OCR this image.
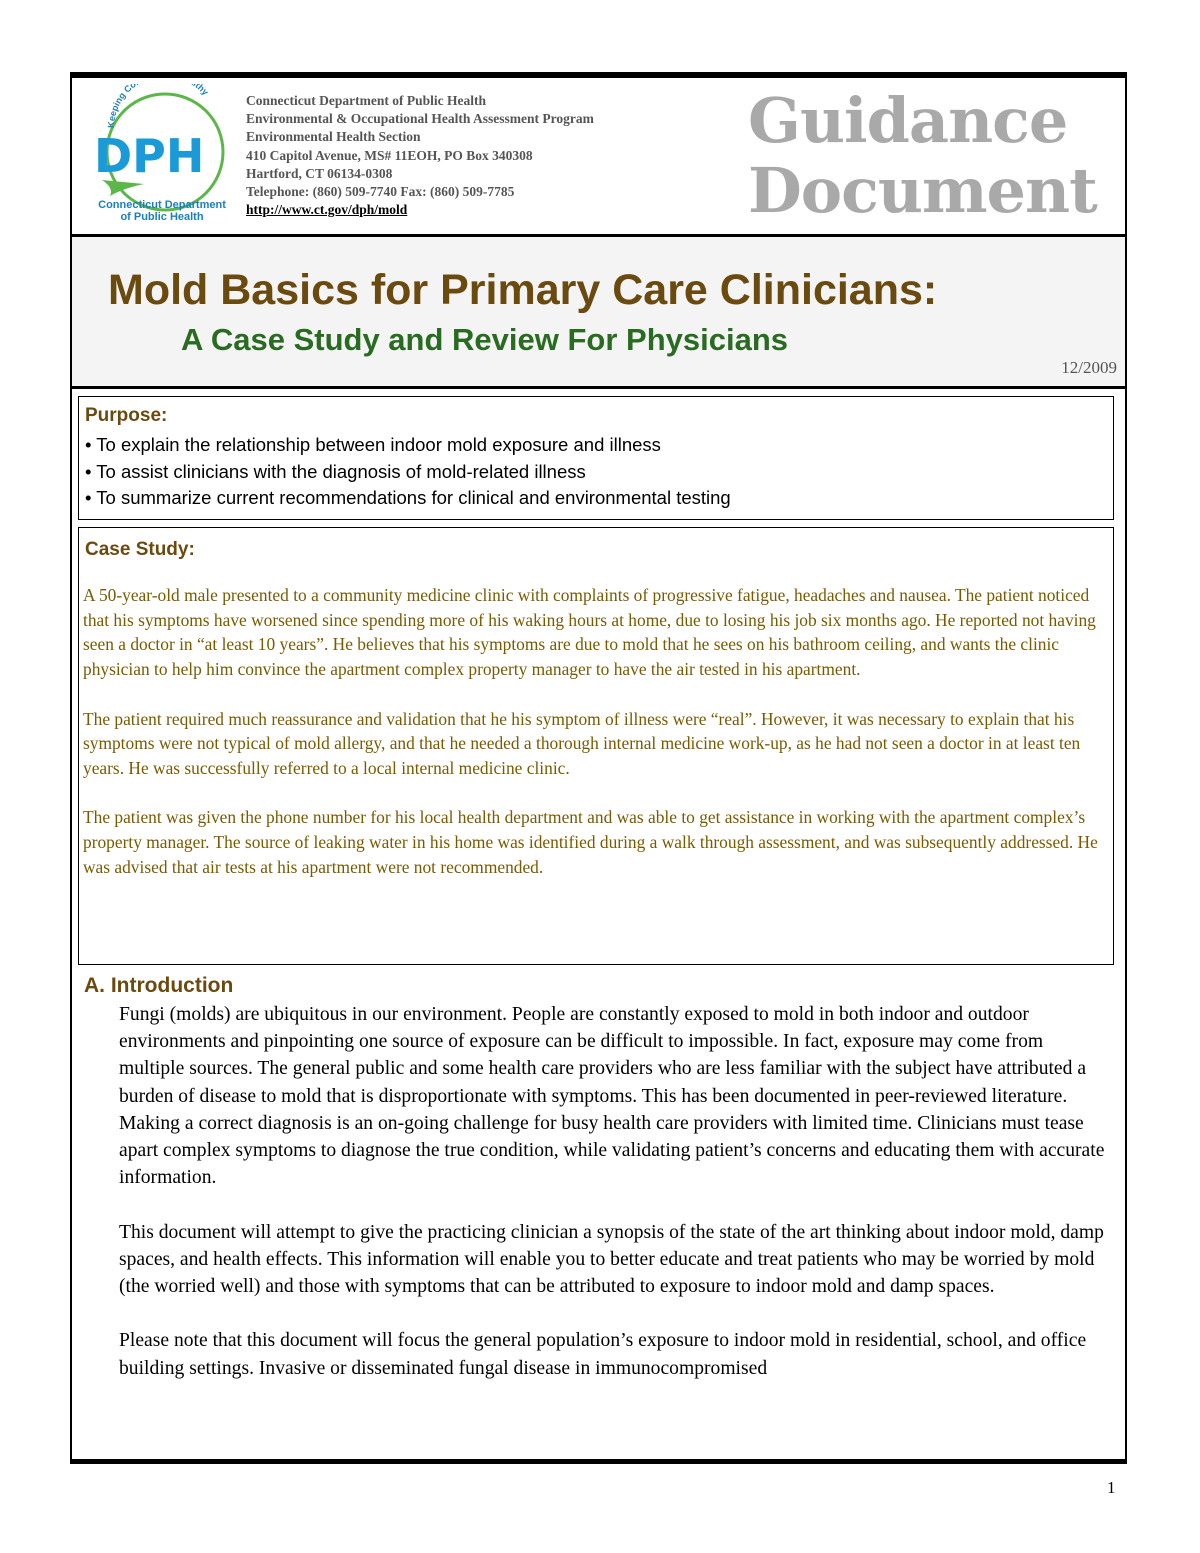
Keeping Co thy
DPH
Connecticut Department
of Public Health
Connecticut Department of Public Health
Environmental & Occupational Health Assessment Program
Environmental Health Section
410 Capitol Avenue, MS# 11EOH, PO Box 340308
Hartford, CT 06134-0308
Telephone: (860) 509-7740 Fax: (860) 509-7785
http://www.ct.gov/dph/mold
Guidance
Document
Mold Basics for Primary Care Clinicians:
A Case Study and Review For Physicians
12/2009
Purpose:
• To explain the relationship between indoor mold exposure and illness
• To assist clinicians with the diagnosis of mold-related illness
• To summarize current recommendations for clinical and environmental testing
Case Study:

A 50-year-old male presented to a community medicine clinic with complaints of progressive fatigue, headaches and nausea. The patient noticed that his symptoms have worsened since spending more of his waking hours at home, due to losing his job six months ago. He reported not having seen a doctor in “at least 10 years”. He believes that his symptoms are due to mold that he sees on his bathroom ceiling, and wants the clinic physician to help him convince the apartment complex property manager to have the air tested in his apartment.

The patient required much reassurance and validation that he his symptom of illness were “real”. However, it was necessary to explain that his symptoms were not typical of mold allergy, and that he needed a thorough internal medicine work-up, as he had not seen a doctor in at least ten years. He was successfully referred to a local internal medicine clinic.

The patient was given the phone number for his local health department and was able to get assistance in working with the apartment complex’s property manager. The source of leaking water in his home was identified during a walk through assessment, and was subsequently addressed. He was advised that air tests at his apartment were not recommended.

A. Introduction

Fungi (molds) are ubiquitous in our environment. People are constantly exposed to mold in both indoor and outdoor environments and pinpointing one source of exposure can be difficult to impossible. In fact, exposure may come from multiple sources. The general public and some health care providers who are less familiar with the subject have attributed a burden of disease to mold that is disproportionate with symptoms. This has been documented in peer-reviewed literature. Making a correct diagnosis is an on-going challenge for busy health care providers with limited time. Clinicians must tease apart complex symptoms to diagnose the true condition, while validating patient’s concerns and educating them with accurate information.

This document will attempt to give the practicing clinician a synopsis of the state of the art thinking about indoor mold, damp spaces, and health effects. This information will enable you to better educate and treat patients who may be worried by mold (the worried well) and those with symptoms that can be attributed to exposure to indoor mold and damp spaces.

Please note that this document will focus the general population’s exposure to indoor mold in residential, school, and office building settings. Invasive or disseminated fungal disease in immunocompromised

1
